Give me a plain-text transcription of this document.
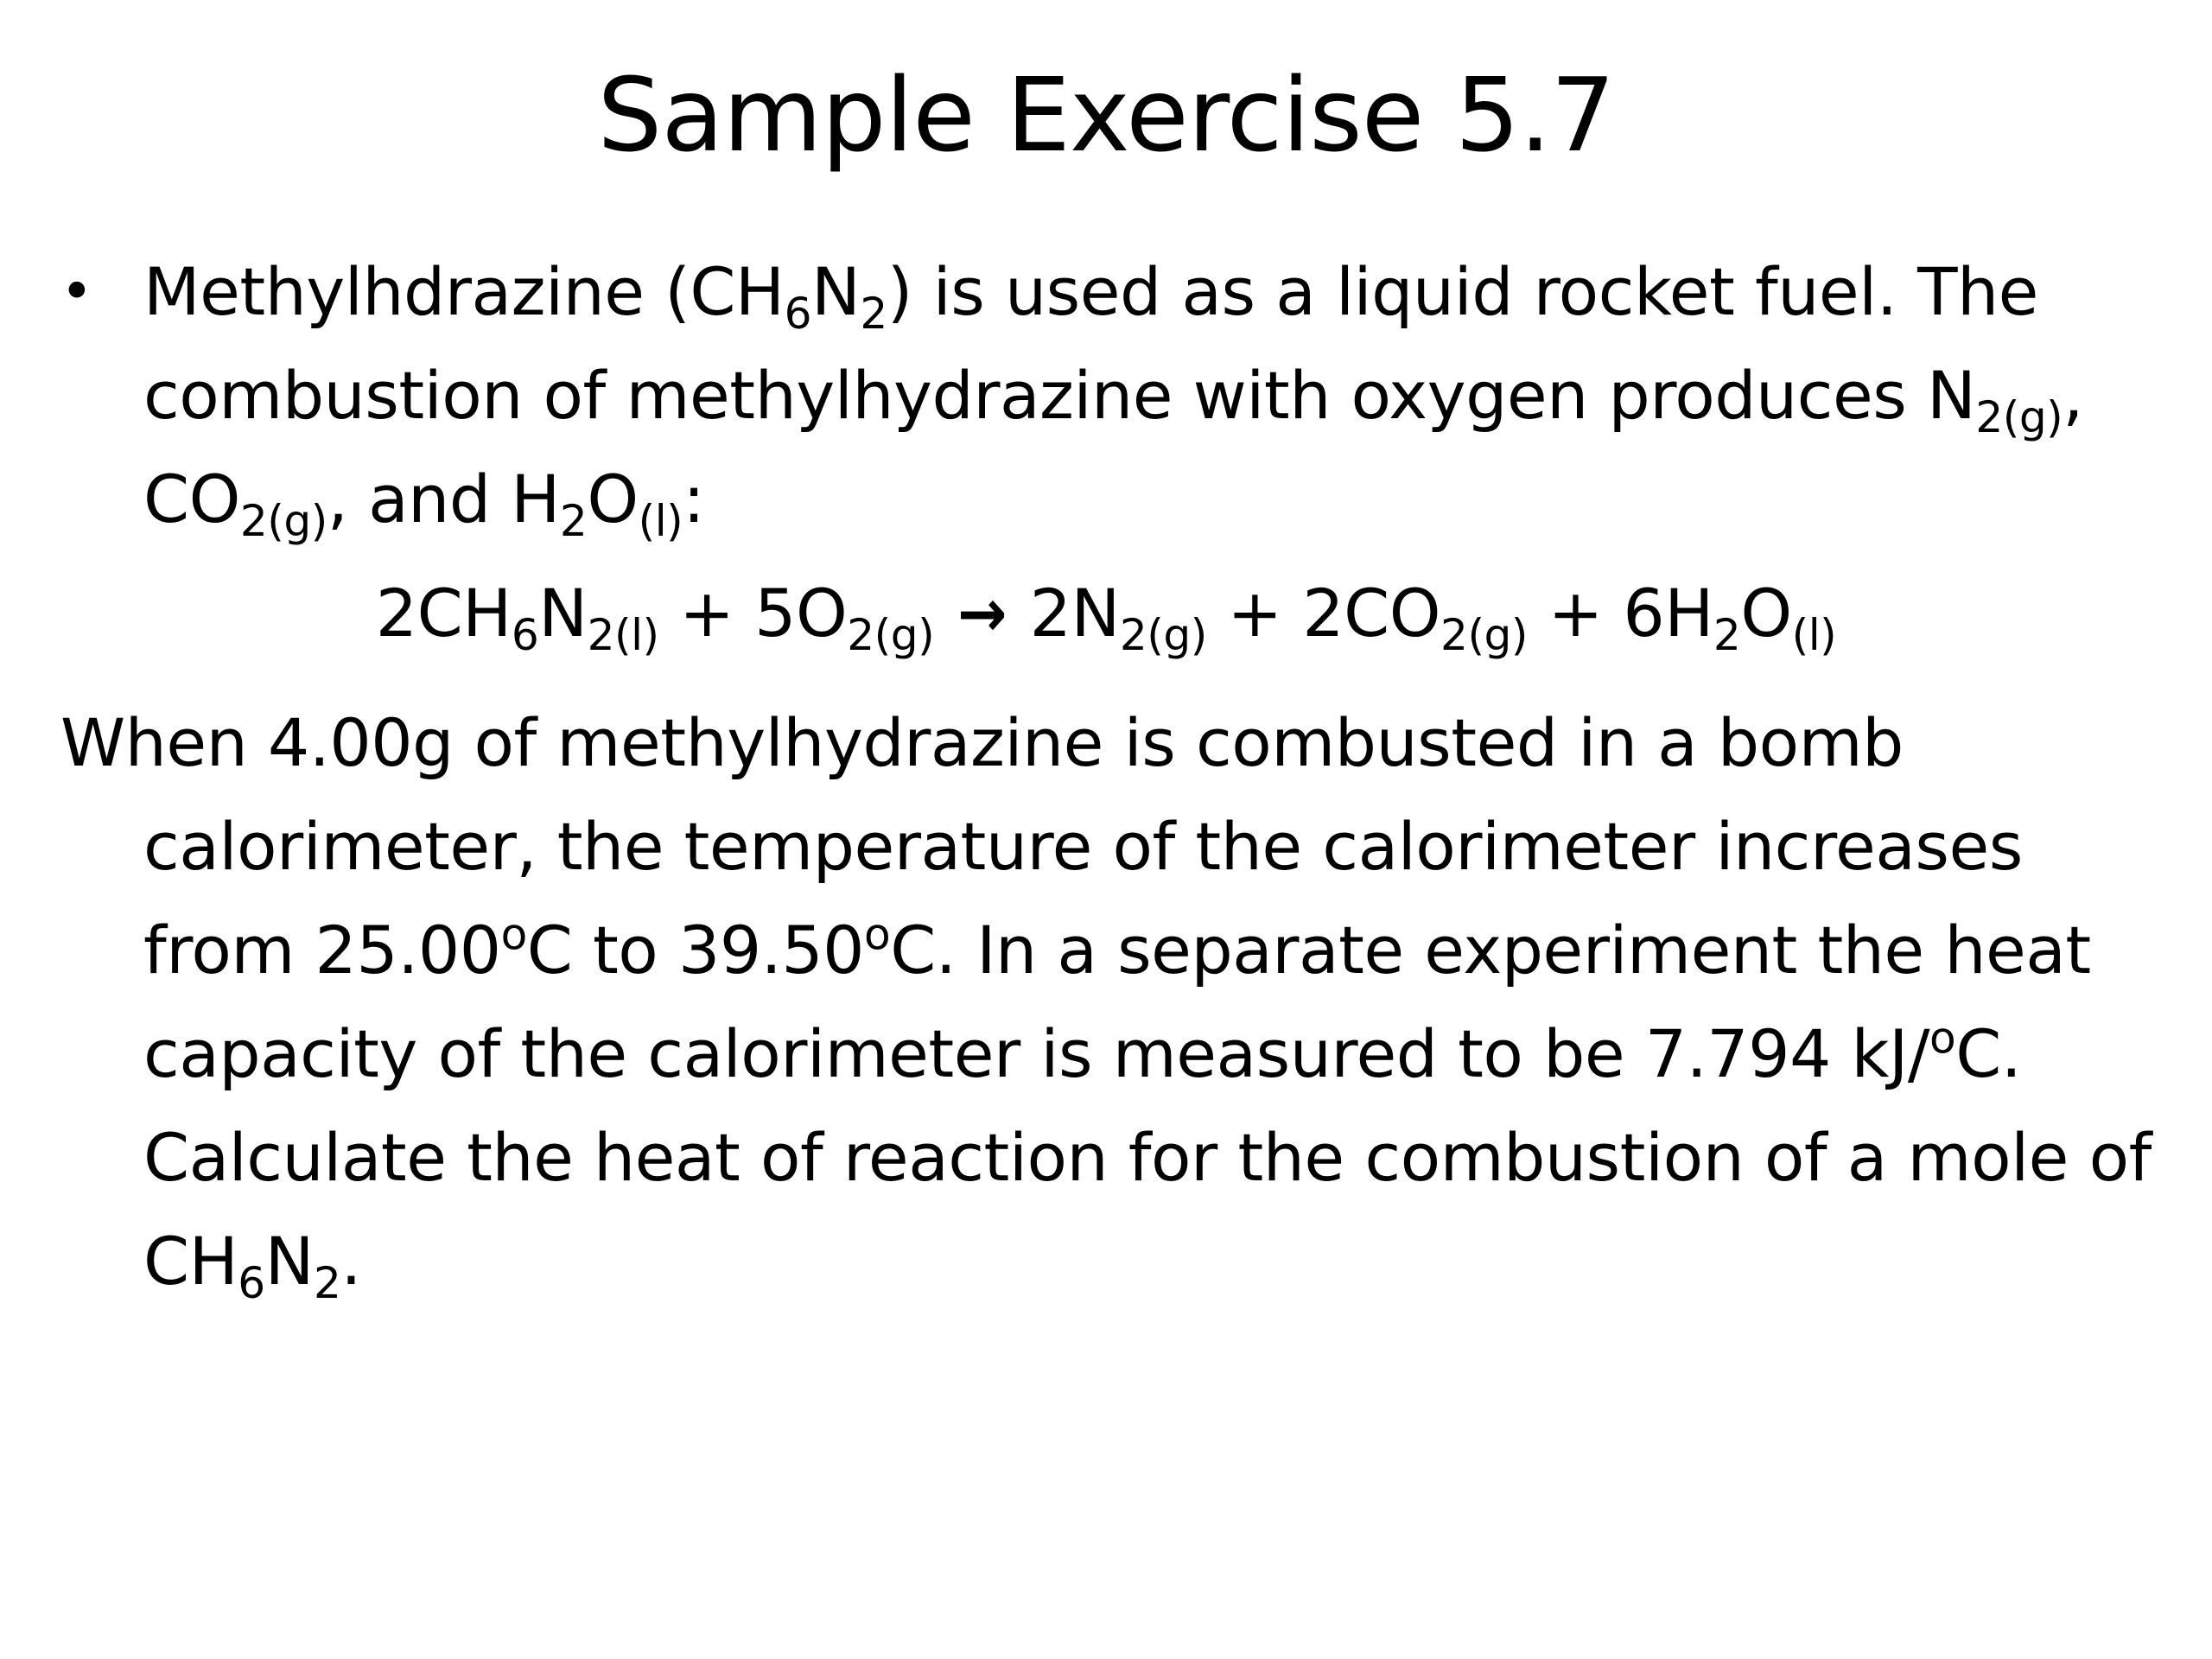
Sample Exercise 5.7
• Methylhdrazine $(CH_6N_2)$ is used as a liquid rocket fuel. The combustion of methylhydrazine with oxygen produces $N_{2(g)}$, $CO_{2(g)}$, and $H_2O_{(l)}$:
$2CH_6N_{2(l)} + 5O_{2(g)} \to 2N_{2(g)} + 2CO_{2(g)} + 6H_2O_{(l)}$
When 4.00g of methylhydrazine is combusted in a bomb calorimeter, the temperature of the calorimeter increases from 25.00$^o$C to 39.50$^o$C. In a separate experiment the heat capacity of the calorimeter is measured to be 7.794 kJ/$^o$C. Calculate the heat of reaction for the combustion of a mole of $CH_6N_2$.
